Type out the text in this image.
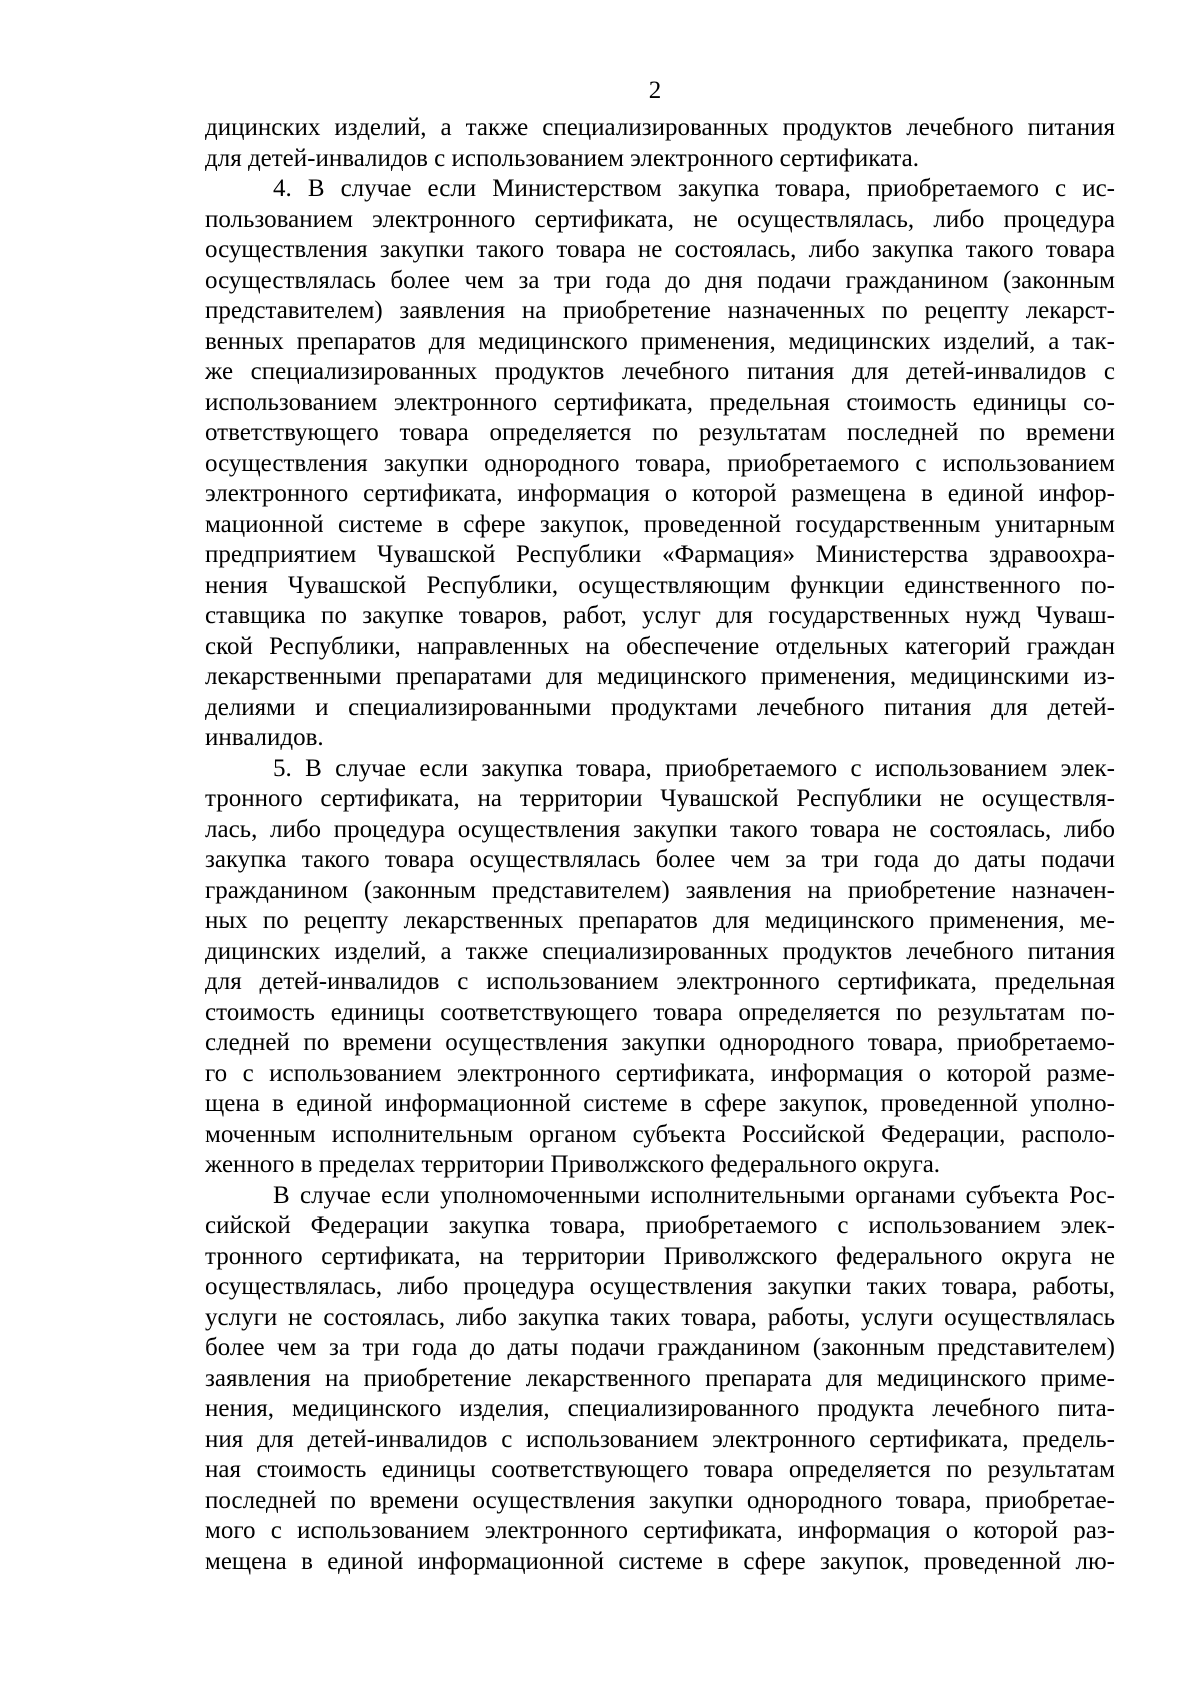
2
дицинских изделий, а также специализированных продуктов лечебного питания
для детей-инвалидов с использованием электронного сертификата.
4. В случае если Министерством закупка товара, приобретаемого с ис-
пользованием электронного сертификата, не осуществлялась, либо процедура
осуществления закупки такого товара не состоялась, либо закупка такого товара
осуществлялась более чем за три года до дня подачи гражданином (законным
представителем) заявления на приобретение назначенных по рецепту лекарст-
венных препаратов для медицинского применения, медицинских изделий, а так-
же специализированных продуктов лечебного питания для детей-инвалидов с
использованием электронного сертификата, предельная стоимость единицы со-
ответствующего товара определяется по результатам последней по времени
осуществления закупки однородного товара, приобретаемого с использованием
электронного сертификата, информация о которой размещена в единой инфор-
мационной системе в сфере закупок, проведенной государственным унитарным
предприятием Чувашской Республики «Фармация» Министерства здравоохра-
нения Чувашской Республики, осуществляющим функции единственного по-
ставщика по закупке товаров, работ, услуг для государственных нужд Чуваш-
ской Республики, направленных на обеспечение отдельных категорий граждан
лекарственными препаратами для медицинского применения, медицинскими из-
делиями и специализированными продуктами лечебного питания для детей-
инвалидов.
5. В случае если закупка товара, приобретаемого с использованием элек-
тронного сертификата, на территории Чувашской Республики не осуществля-
лась, либо процедура осуществления закупки такого товара не состоялась, либо
закупка такого товара осуществлялась более чем за три года до даты подачи
гражданином (законным представителем) заявления на приобретение назначен-
ных по рецепту лекарственных препаратов для медицинского применения, ме-
дицинских изделий, а также специализированных продуктов лечебного питания
для детей-инвалидов с использованием электронного сертификата, предельная
стоимость единицы соответствующего товара определяется по результатам по-
следней по времени осуществления закупки однородного товара, приобретаемо-
го с использованием электронного сертификата, информация о которой разме-
щена в единой информационной системе в сфере закупок, проведенной уполно-
моченным исполнительным органом субъекта Российской Федерации, располо-
женного в пределах территории Приволжского федерального округа.
В случае если уполномоченными исполнительными органами субъекта Рос-
сийской Федерации закупка товара, приобретаемого с использованием элек-
тронного сертификата, на территории Приволжского федерального округа не
осуществлялась, либо процедура осуществления закупки таких товара, работы,
услуги не состоялась, либо закупка таких товара, работы, услуги осуществлялась
более чем за три года до даты подачи гражданином (законным представителем)
заявления на приобретение лекарственного препарата для медицинского приме-
нения, медицинского изделия, специализированного продукта лечебного пита-
ния для детей-инвалидов с использованием электронного сертификата, предель-
ная стоимость единицы соответствующего товара определяется по результатам
последней по времени осуществления закупки однородного товара, приобретае-
мого с использованием электронного сертификата, информация о которой раз-
мещена в единой информационной системе в сфере закупок, проведенной лю-
